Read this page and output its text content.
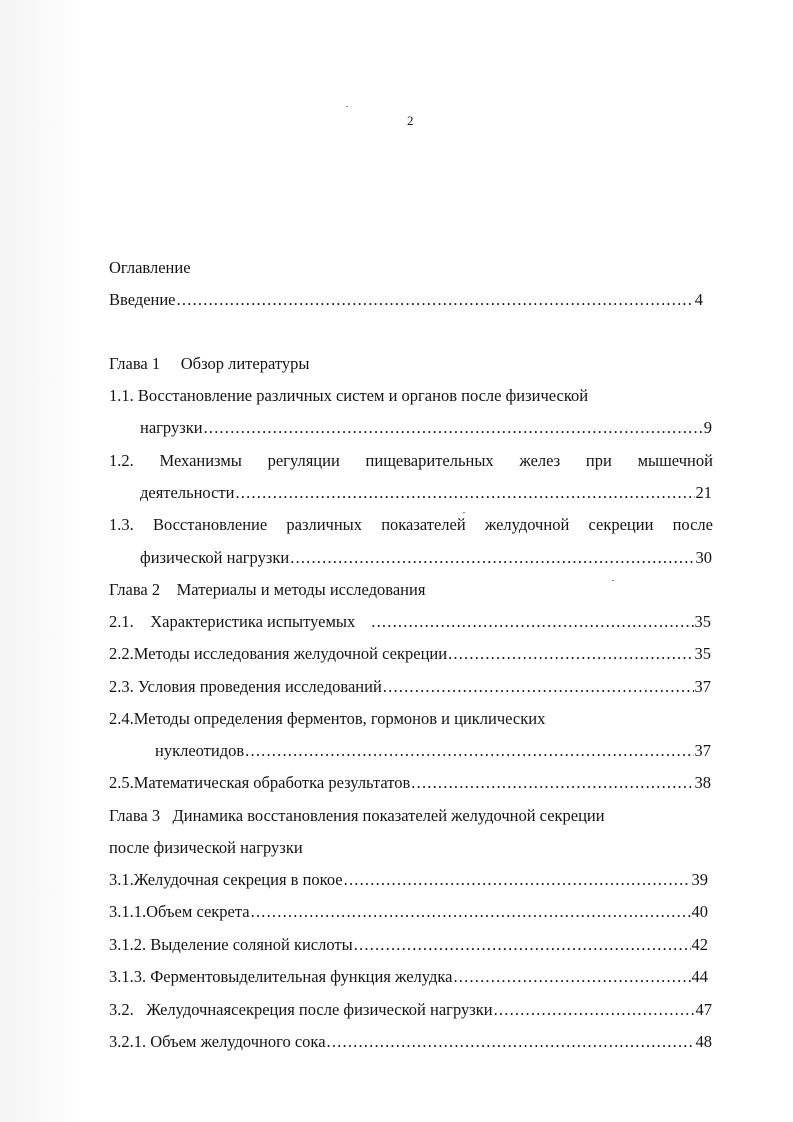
2
Оглавление
Введение .....	4
Глава 1     Обзор литературы
1.1. Восстановление различных систем и органов после физической
нагрузки .....	9
1.2. Механизмы регуляции пищеварительных желез при мышечной
деятельности .....	21
1.3. Восстановление различных показателей желудочной секреции после
физической нагрузки .....	30
Глава 2    Материалы и методы исследования
2.1.    Характеристика испытуемых .....	35
2.2.Методы исследования желудочной секреции .....	35
2.3. Условия проведения исследований .....	37
2.4.Методы определения ферментов, гормонов и циклических
нуклеотидов .....	37
2.5.Математическая обработка результатов .....	38
Глава 3   Динамика восстановления показателей желудочной секреции
после физической нагрузки
3.1.Желудочная секреция в покое .....	39
3.1.1.Объем секрета .....	40
3.1.2. Выделение соляной кислоты .....	42
3.1.3. Ферментовыделительная функция желудка .....	44
3.2.   Желудочнаясекреция после физической нагрузки .....	47
3.2.1. Объем желудочного сока .....	48
